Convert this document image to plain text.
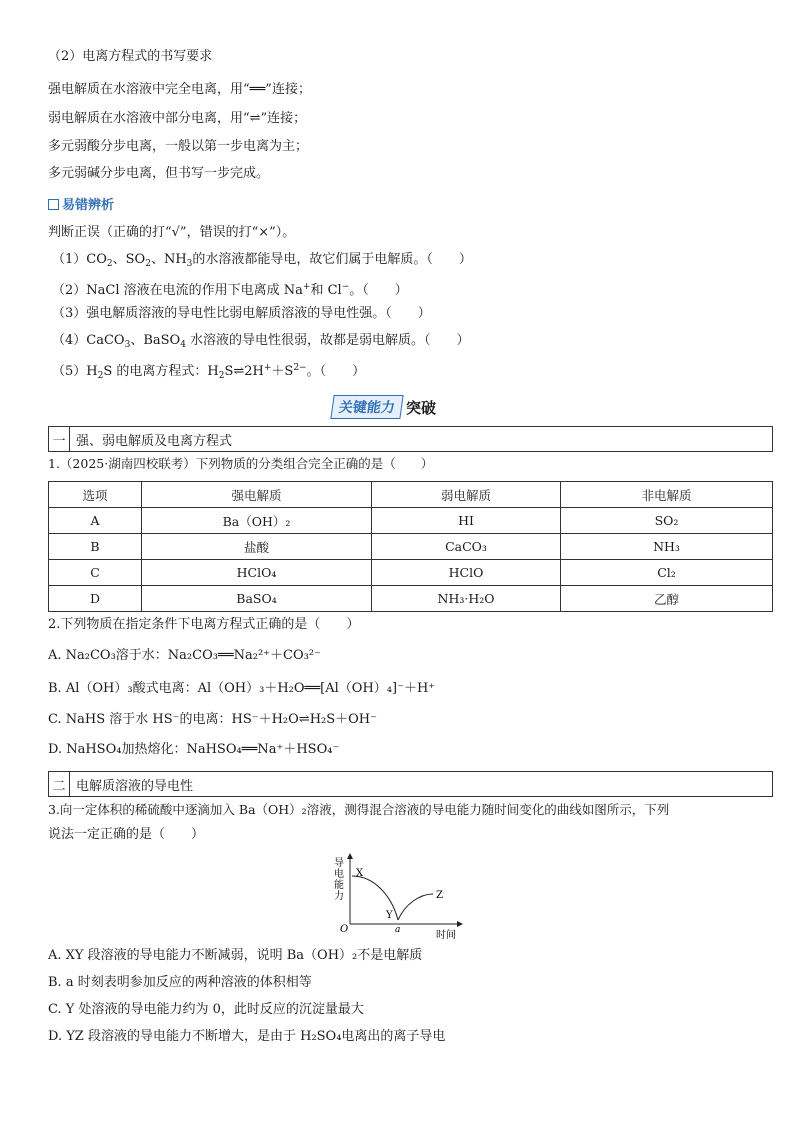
（2）电离方程式的书写要求
强电解质在水溶液中完全电离，用“══”连接；
弱电解质在水溶液中部分电离，用“⇌”连接；
多元弱酸分步电离，一般以第一步电离为主；
多元弱碱分步电离，但书写一步完成。
易错辨析
判断正误（正确的打“√”，错误的打“×”）。
$(1)CO_2$、$SO_2$、$NH_3$的水溶液都能导电，故它们属于电解质。（　　）
（2）NaCl 溶液在电流的作用下电离成 Na+和 Cl−。（　　）
（3）强电解质溶液的导电性比弱电解质溶液的导电性强。（　　）
（4）CaCO$_3$、BaSO$_4$ 水溶液的导电性很弱，故都是弱电解质。（　　）
$(5)H_2S$ 的电离方程式：$H_2S\rightleftharpoons 2H^++S^{2-}$。（　　）
关键能力 突破
一 强、弱电解质及电离方程式
1.（2025·湖南四校联考）下列物质的分类组合完全正确的是（　　）
选项	强电解质	弱电解质	非电解质
A	Ba（OH）₂	HI	SO₂
B	盐酸	CaCO₃	NH₃
C	HClO₄	HClO	Cl₂
D	BaSO₄	NH₃·H₂O	乙醇
2.下列物质在指定条件下电离方程式正确的是（　　）
A. Na₂CO₃溶于水：Na₂CO₃══Na₂²⁺＋CO₃²⁻
B. Al（OH）₃酸式电离：Al（OH）₃＋H₂O══[Al（OH）₄]⁻＋H⁺
C. NaHS 溶于水 HS⁻的电离：HS⁻＋H₂O⇌H₂S＋OH⁻
D. NaHSO₄加热熔化：NaHSO₄══Na⁺＋HSO₄⁻
二 电解质溶液的导电性
3.向一定体积的稀硫酸中逐滴加入 Ba（OH）₂溶液，测得混合溶液的导电能力随时间变化的曲线如图所示，下列
说法一定正确的是（　　）
导电能力
O
X
Y
Z
a	时间
A. XY 段溶液的导电能力不断减弱，说明 Ba（OH）₂不是电解质
B. a 时刻表明参加反应的两种溶液的体积相等
C. Y 处溶液的导电能力约为 0，此时反应的沉淀量最大
D. YZ 段溶液的导电能力不断增大，是由于 H₂SO₄电离出的离子导电
